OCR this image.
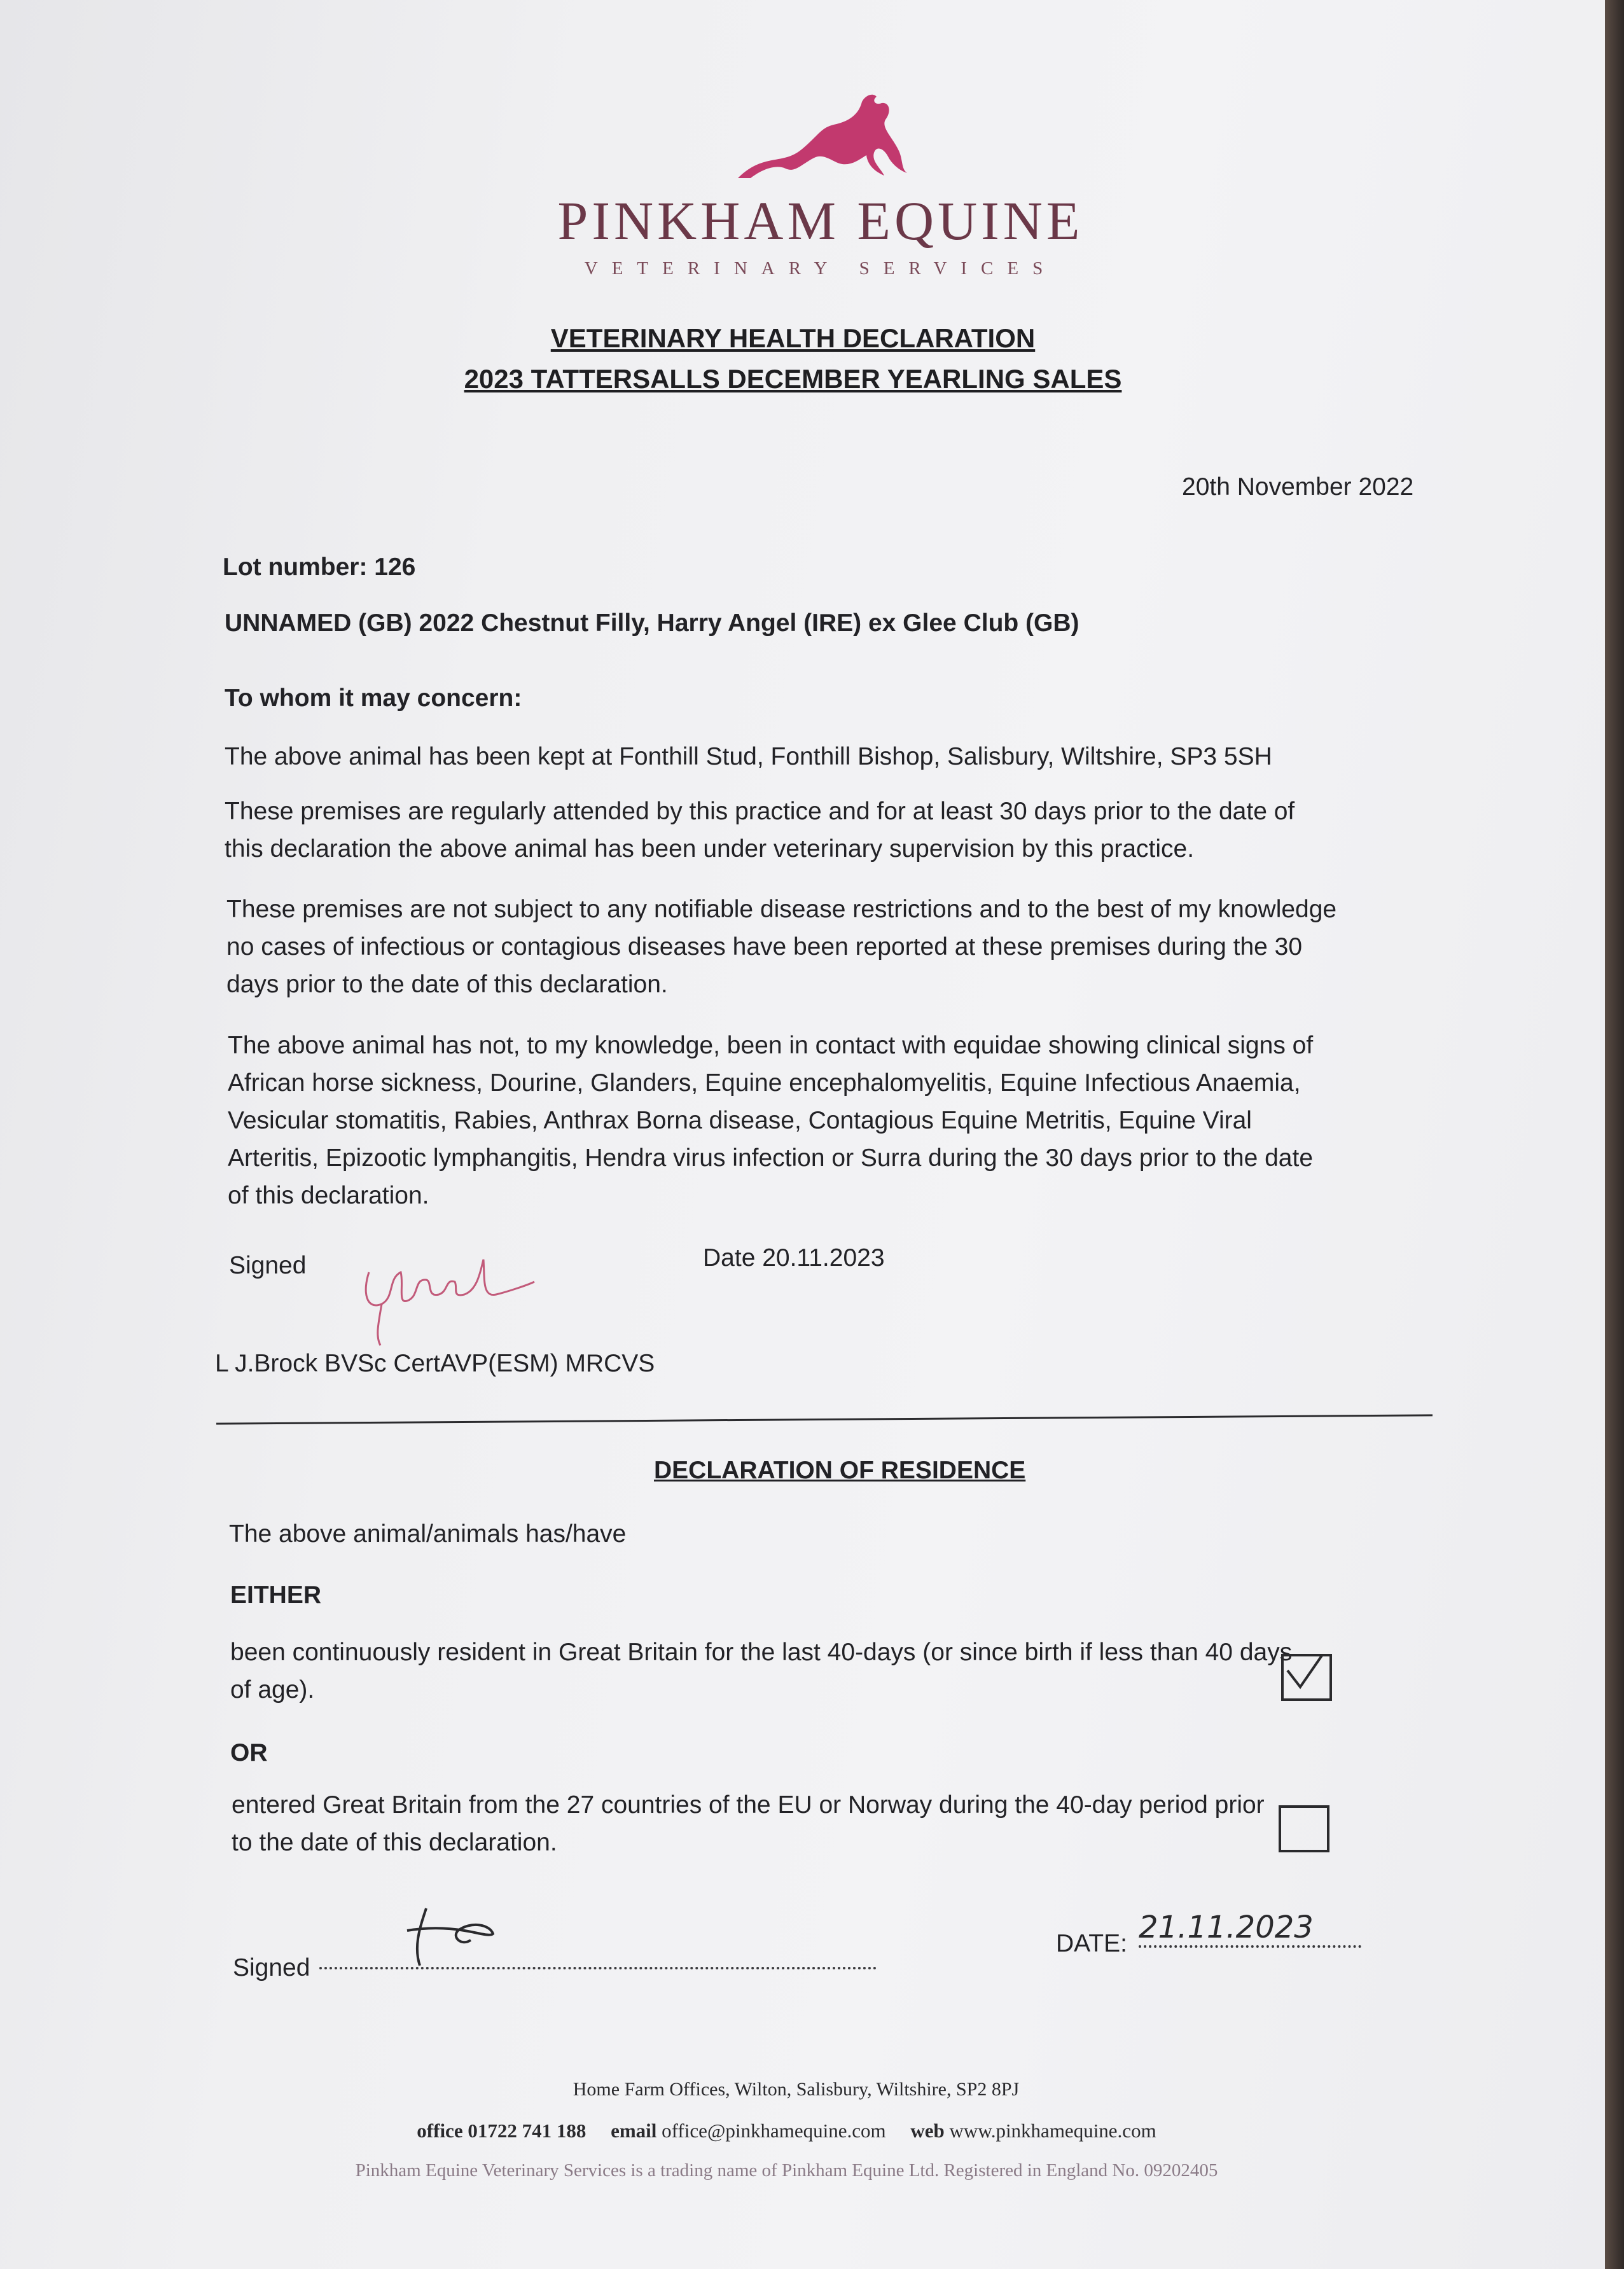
PINKHAM EQUINE
VETERINARY SERVICES
VETERINARY HEALTH DECLARATION
2023 TATTERSALLS DECEMBER YEARLING SALES
20th November 2022
Lot number: 126
UNNAMED (GB) 2022 Chestnut Filly, Harry Angel (IRE) ex Glee Club (GB)
To whom it may concern:
The above animal has been kept at Fonthill Stud, Fonthill Bishop, Salisbury, Wiltshire, SP3 5SH
These premises are regularly attended by this practice and for at least 30 days prior to the date of
this declaration the above animal has been under veterinary supervision by this practice.
These premises are not subject to any notifiable disease restrictions and to the best of my knowledge
no cases of infectious or contagious diseases have been reported at these premises during the 30
days prior to the date of this declaration.
The above animal has not, to my knowledge, been in contact with equidae showing clinical signs of
African horse sickness, Dourine, Glanders, Equine encephalomyelitis, Equine Infectious Anaemia,
Vesicular stomatitis, Rabies, Anthrax Borna disease, Contagious Equine Metritis, Equine Viral
Arteritis, Epizootic lymphangitis, Hendra virus infection or Surra during the 30 days prior to the date
of this declaration.
Signed	Date 20.11.2023
L J.Brock BVSc CertAVP(ESM) MRCVS
DECLARATION OF RESIDENCE
The above animal/animals has/have
EITHER
been continuously resident in Great Britain for the last 40-days (or since birth if less than 40 days
of age).
OR
entered Great Britain from the 27 countries of the EU or Norway during the 40-day period prior
to the date of this declaration.
Signed
DATE: 21.11.2023
Home Farm Offices, Wilton, Salisbury, Wiltshire, SP2 8PJ
office 01722 741 188 email office@pinkhamequine.com web www.pinkhamequine.com
Pinkham Equine Veterinary Services is a trading name of Pinkham Equine Ltd. Registered in England No. 09202405
